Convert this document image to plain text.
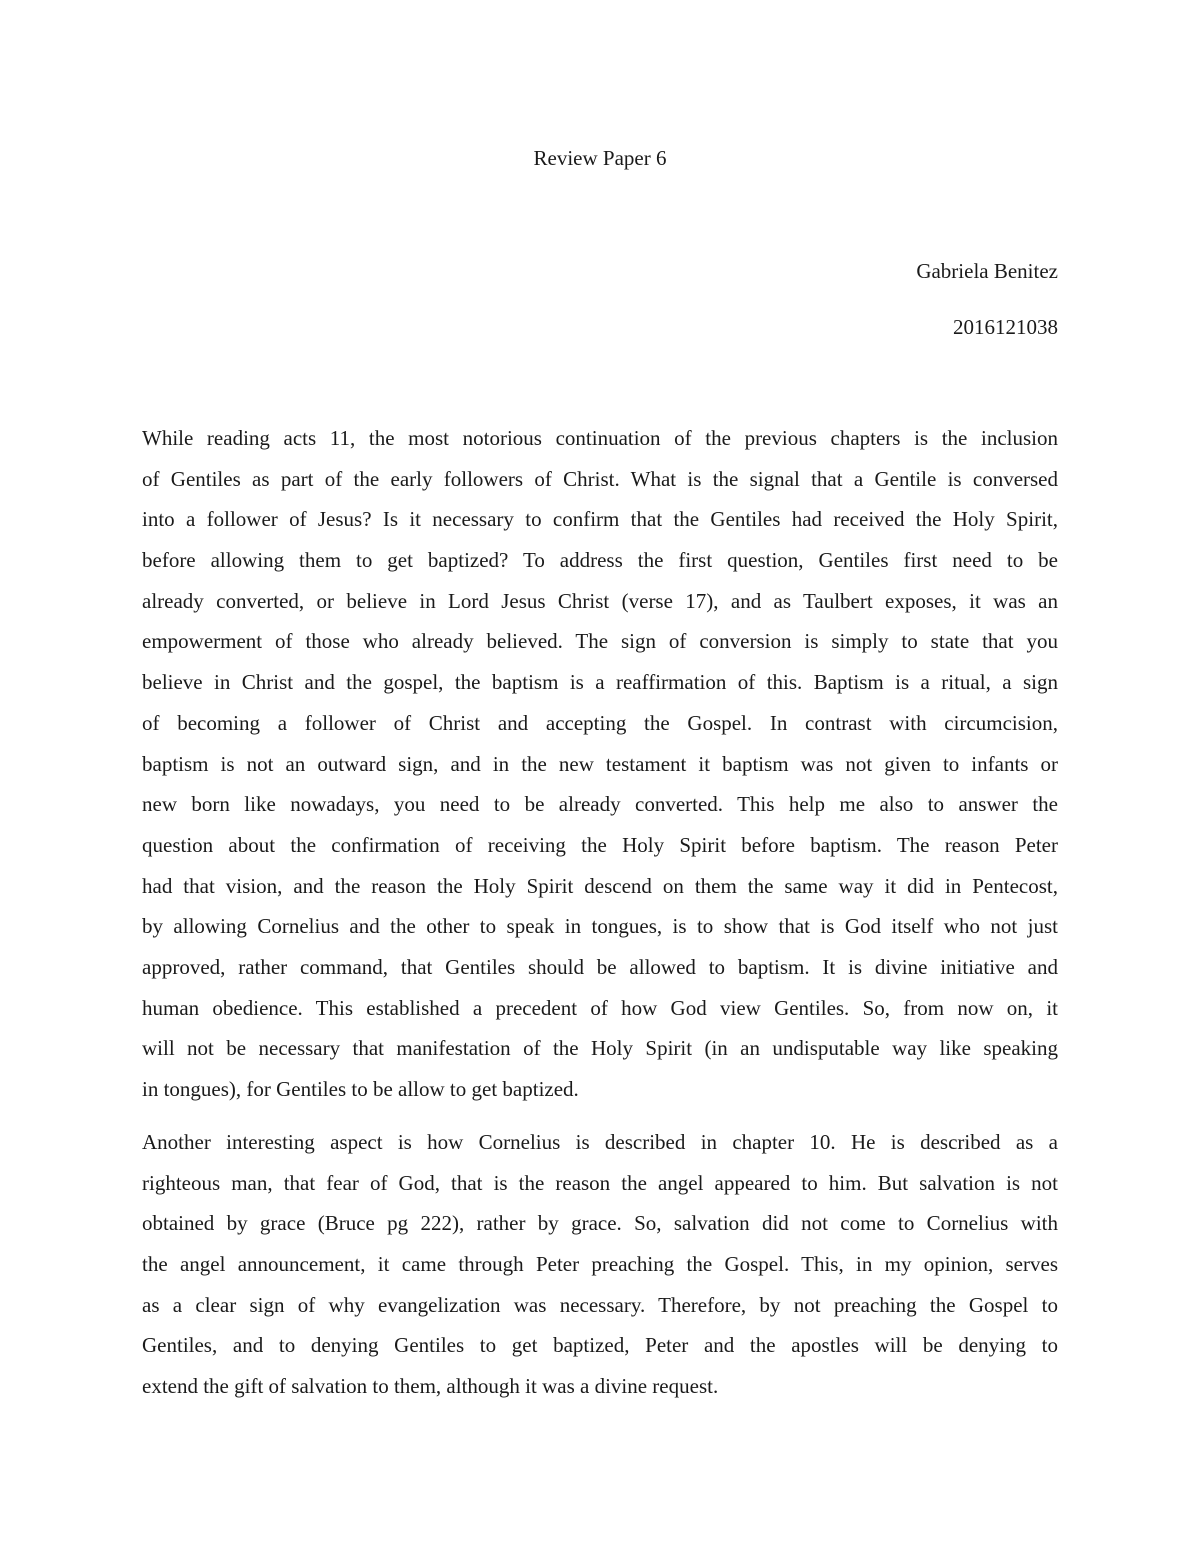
Review Paper 6
Gabriela Benitez
2016121038
While reading acts 11, the most notorious continuation of the previous chapters is the inclusion
of Gentiles as part of the early followers of Christ. What is the signal that a Gentile is conversed
into a follower of Jesus? Is it necessary to confirm that the Gentiles had received the Holy Spirit,
before allowing them to get baptized? To address the first question, Gentiles first need to be
already converted, or believe in Lord Jesus Christ (verse 17), and as Taulbert exposes, it was an
empowerment of those who already believed. The sign of conversion is simply to state that you
believe in Christ and the gospel, the baptism is a reaffirmation of this. Baptism is a ritual, a sign
of becoming a follower of Christ and accepting the Gospel. In contrast with circumcision,
baptism is not an outward sign, and in the new testament it baptism was not given to infants or
new born like nowadays, you need to be already converted. This help me also to answer the
question about the confirmation of receiving the Holy Spirit before baptism. The reason Peter
had that vision, and the reason the Holy Spirit descend on them the same way it did in Pentecost,
by allowing Cornelius and the other to speak in tongues, is to show that is God itself who not just
approved, rather command, that Gentiles should be allowed to baptism. It is divine initiative and
human obedience. This established a precedent of how God view Gentiles. So, from now on, it
will not be necessary that manifestation of the Holy Spirit (in an undisputable way like speaking
in tongues), for Gentiles to be allow to get baptized.
Another interesting aspect is how Cornelius is described in chapter 10. He is described as a
righteous man, that fear of God, that is the reason the angel appeared to him. But salvation is not
obtained by grace (Bruce pg 222), rather by grace. So, salvation did not come to Cornelius with
the angel announcement, it came through Peter preaching the Gospel. This, in my opinion, serves
as a clear sign of why evangelization was necessary. Therefore, by not preaching the Gospel to
Gentiles, and to denying Gentiles to get baptized, Peter and the apostles will be denying to
extend the gift of salvation to them, although it was a divine request.
